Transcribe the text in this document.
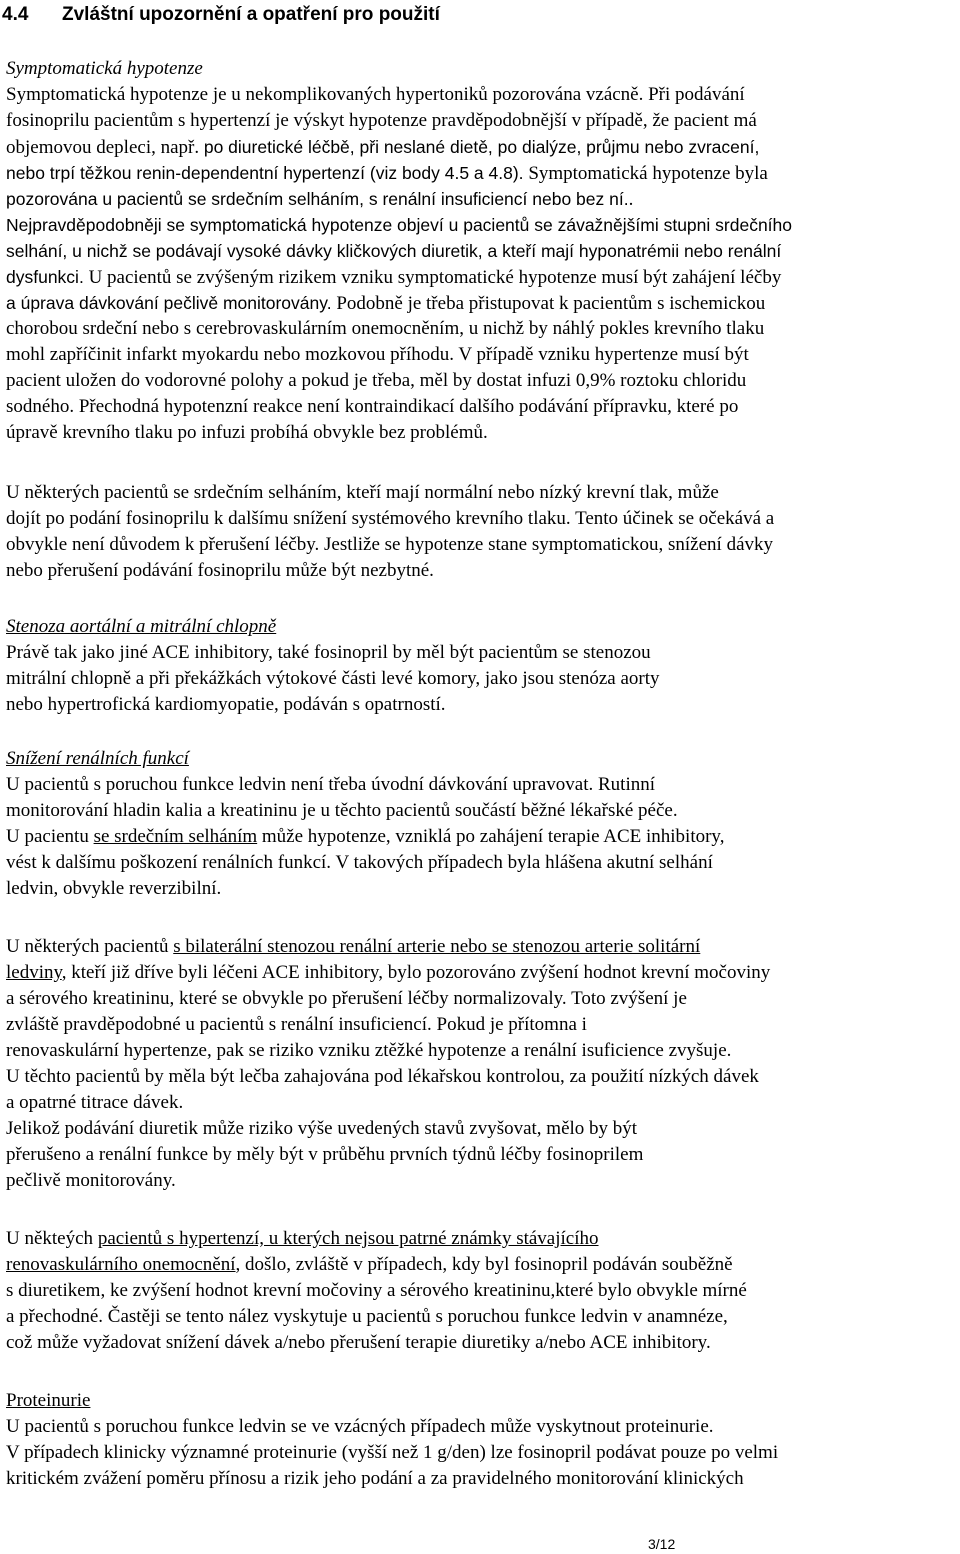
4.4 Zvláštní upozornění a opatření pro použití
Symptomatická hypotenze
Symptomatická hypotenze je u nekomplikovaných hypertoniků pozorována vzácně. Při podávání
fosinoprilu pacientům s hypertenzí je výskyt hypotenze pravděpodobnější v případě, že pacient má
objemovou depleci, např. po diuretické léčbě, při neslané dietě, po dialýze, průjmu nebo zvracení,
nebo trpí těžkou renin-dependentní hypertenzí (viz body 4.5 a 4.8). Symptomatická hypotenze byla
pozorována u pacientů se srdečním selháním, s renální insuficiencí nebo bez ní..
Nejpravděpodobněji se symptomatická hypotenze objeví u pacientů se závažnějšími stupni srdečního
selhání, u nichž se podávají vysoké dávky kličkových diuretik, a kteří mají hyponatrémii nebo renální
dysfunkci. U pacientů se zvýšeným rizikem vzniku symptomatické hypotenze musí být zahájení léčby
a úprava dávkování pečlivě monitorovány. Podobně je třeba přistupovat k pacientům s ischemickou
chorobou srdeční nebo s cerebrovaskulárním onemocněním, u nichž by náhlý pokles krevního tlaku
mohl zapříčinit infarkt myokardu nebo mozkovou příhodu. V případě vzniku hypertenze musí být
pacient uložen do vodorovné polohy a pokud je třeba, měl by dostat infuzi 0,9% roztoku chloridu
sodného. Přechodná hypotenzní reakce není kontraindikací dalšího podávání přípravku, které po
úpravě krevního tlaku po infuzi probíhá obvykle bez problémů.
U některých pacientů se srdečním selháním, kteří mají normální nebo nízký krevní tlak, může
dojít po podání fosinoprilu k dalšímu snížení systémového krevního tlaku. Tento účinek se očekává a
obvykle není důvodem k přerušení léčby. Jestliže se hypotenze stane symptomatickou, snížení dávky
nebo přerušení podávání fosinoprilu může být nezbytné.
Stenoza aortální a mitrální chlopně
Právě tak jako jiné ACE inhibitory, také fosinopril by měl být pacientům se stenozou
mitrální chlopně a při překážkách výtokové části levé komory, jako jsou stenóza aorty
nebo hypertrofická kardiomyopatie, podáván s opatrností.
Snížení renálních funkcí
U pacientů s poruchou funkce ledvin není třeba úvodní dávkování upravovat. Rutinní
monitorování hladin kalia a kreatininu je u těchto pacientů součástí běžné lékařské péče.
U pacientu se srdečním selháním může hypotenze, vzniklá po zahájení terapie ACE inhibitory,
vést k dalšímu poškození renálních funkcí. V takových případech byla hlášena akutní selhání
ledvin, obvykle reverzibilní.
U některých pacientů s bilaterální stenozou renální arterie nebo se stenozou arterie solitární
ledviny, kteří již dříve byli léčeni ACE inhibitory, bylo pozorováno zvýšení hodnot krevní močoviny
a sérového kreatininu, které se obvykle po přerušení léčby normalizovaly. Toto zvýšení je
zvláště pravděpodobné u pacientů s renální insuficiencí. Pokud je přítomna i
renovaskulární hypertenze, pak se riziko vzniku ztěžké hypotenze a renální isuficience zvyšuje.
U těchto pacientů by měla být lečba zahajována pod lékařskou kontrolou, za použití nízkých dávek
a opatrné titrace dávek.
Jelikož podávání diuretik může riziko výše uvedených stavů zvyšovat, mělo by být
přerušeno a renální funkce by měly být v průběhu prvních týdnů léčby fosinoprilem
pečlivě monitorovány.
U někteých pacientů s hypertenzí, u kterých nejsou patrné známky stávajícího
renovaskulárního onemocnění, došlo, zvláště v případech, kdy byl fosinopril podáván souběžně
s diuretikem, ke zvýšení hodnot krevní močoviny a sérového kreatininu,které bylo obvykle mírné
a přechodné. Častěji se tento nález vyskytuje u pacientů s poruchou funkce ledvin v anamnéze,
což může vyžadovat snížení dávek a/nebo přerušení terapie diuretiky a/nebo ACE inhibitory.
Proteinurie
U pacientů s poruchou funkce ledvin se ve vzácných případech může vyskytnout proteinurie.
V případech klinicky významné proteinurie (vyšší než 1 g/den) lze fosinopril podávat pouze po velmi
kritickém zvážení poměru přínosu a rizik jeho podání a za pravidelného monitorování klinických
3/12
